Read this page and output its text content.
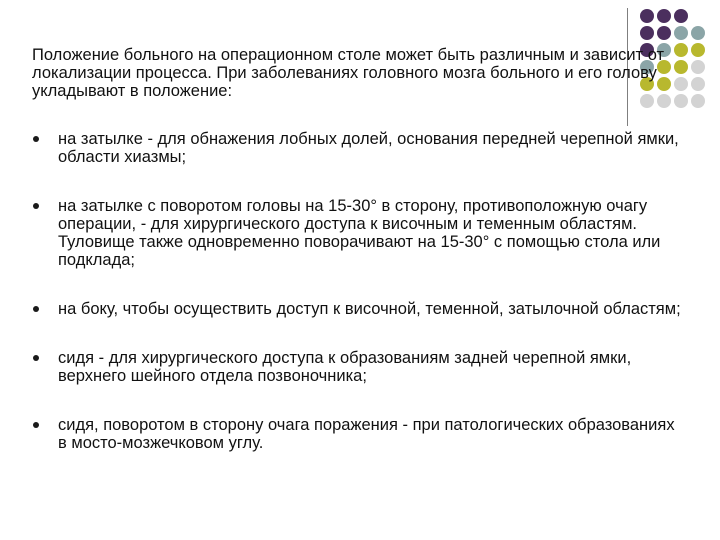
Положение больного на операционном столе может быть различным и зависит от локализации процесса. При заболеваниях головного мозга больного и его голову укладывают в положение:

на затылке - для обнажения лобных долей, основания передней черепной ямки, области хиазмы;
на затылке с поворотом головы на 15-30° в сторону, противоположную очагу операции, - для хирургического доступа к височным и теменным областям. Туловище также одновременно поворачивают на 15-30° с помощью стола или подклада;
на боку, чтобы осуществить доступ к височной, теменной, затылочной областям;
сидя - для хирургического доступа к образованиям задней черепной ямки, верхнего шейного отдела позвоночника;
сидя, поворотом в сторону очага поражения - при патологических образованиях в мосто-мозжечковом углу.
